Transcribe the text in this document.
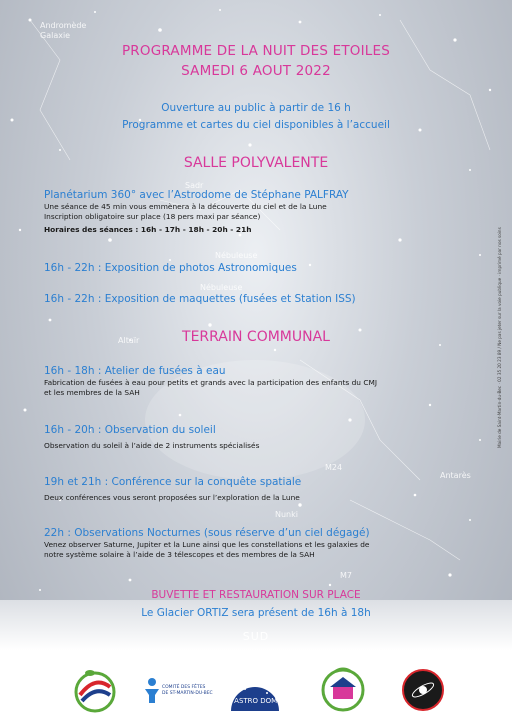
Andromède
Galaxie
Sadr
Nébuleuse
Nébuleuse
Altaïr
M24
Nunki
Antarès
M7
PROGRAMME DE LA NUIT DES ETOILES
SAMEDI 6 AOUT 2022
Ouverture au public à partir de 16 h
Programme et cartes du ciel disponibles à l’accueil
SALLE POLYVALENTE
Planétarium 360° avec l’Astrodome de Stéphane PALFRAY
Une séance de 45 min vous emmènera à la découverte du ciel et de la Lune
Inscription obligatoire sur place (18 pers maxi par séance)
Horaires des séances : 16h - 17h - 18h - 20h - 21h
16h - 22h : Exposition de photos Astronomiques
16h - 22h : Exposition de maquettes (fusées et Station ISS)
TERRAIN COMMUNAL
16h - 18h : Atelier de fusées à eau
Fabrication de fusées à eau pour petits et grands avec la participation des enfants du CMJ
et les membres de la SAH
16h - 20h : Observation du soleil
Observation du soleil à l’aide de 2 instruments spécialisés
19h et 21h : Conférence sur la conquête spatiale
Deux conférences vous seront proposées sur l’exploration de la Lune
22h : Observations Nocturnes (sous réserve d’un ciel dégagé)
Venez observer Saturne, Jupiter et la Lune ainsi que les constellations et les galaxies de
notre système solaire à l’aide de 3 télescopes et des membres de la SAH
BUVETTE ET RESTAURATION SUR PLACE
Le Glacier ORTIZ sera présent de 16h à 18h
SUD
Mairie de Saint-Martin-du-Bec · 02 35 20 23 89 / Ne pas jeter sur la voie publique · imprimé par nos soins
COMITÉ DES FÊTES
DE ST-MARTIN-DU-BEC
L'ASTRO DOME
